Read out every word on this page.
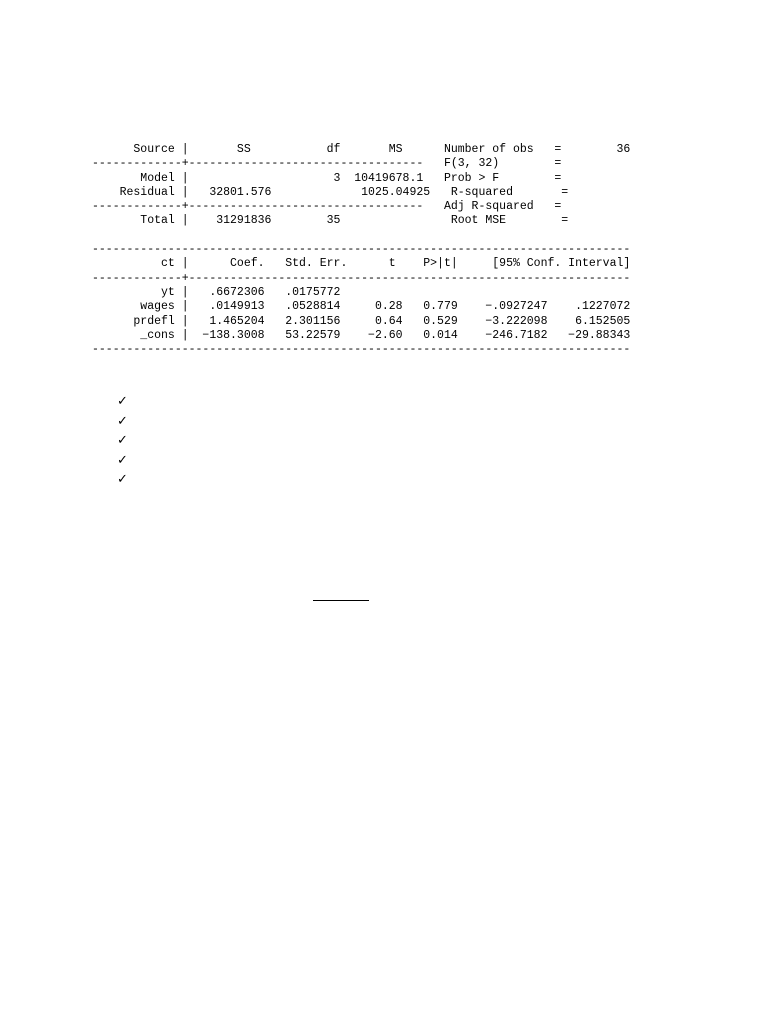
Source |       SS           df       MS      Number of obs   =        36
-------------+----------------------------------   F(3, 32)        =
Model |                     3  10419678.1   Prob > F        =
Residual |   32801.576             1025.04925   R-squared       =
-------------+----------------------------------   Adj R-squared   =
Total |    31291836        35                Root MSE        =
------------------------------------------------------------------------------
ct |      Coef.   Std. Err.      t    P>|t|     [95% Conf. Interval]
-------------+----------------------------------------------------------------
yt |   .6672306   .0175772
wages |   .0149913   .0528814     0.28   0.779    −.0927247    .1227072
prdefl |   1.465204   2.301156     0.64   0.529    −3.222098    6.152505
_cons |  −138.3008   53.22579    −2.60   0.014    −246.7182   −29.88343
------------------------------------------------------------------------------
✓
✓
✓
✓
✓
